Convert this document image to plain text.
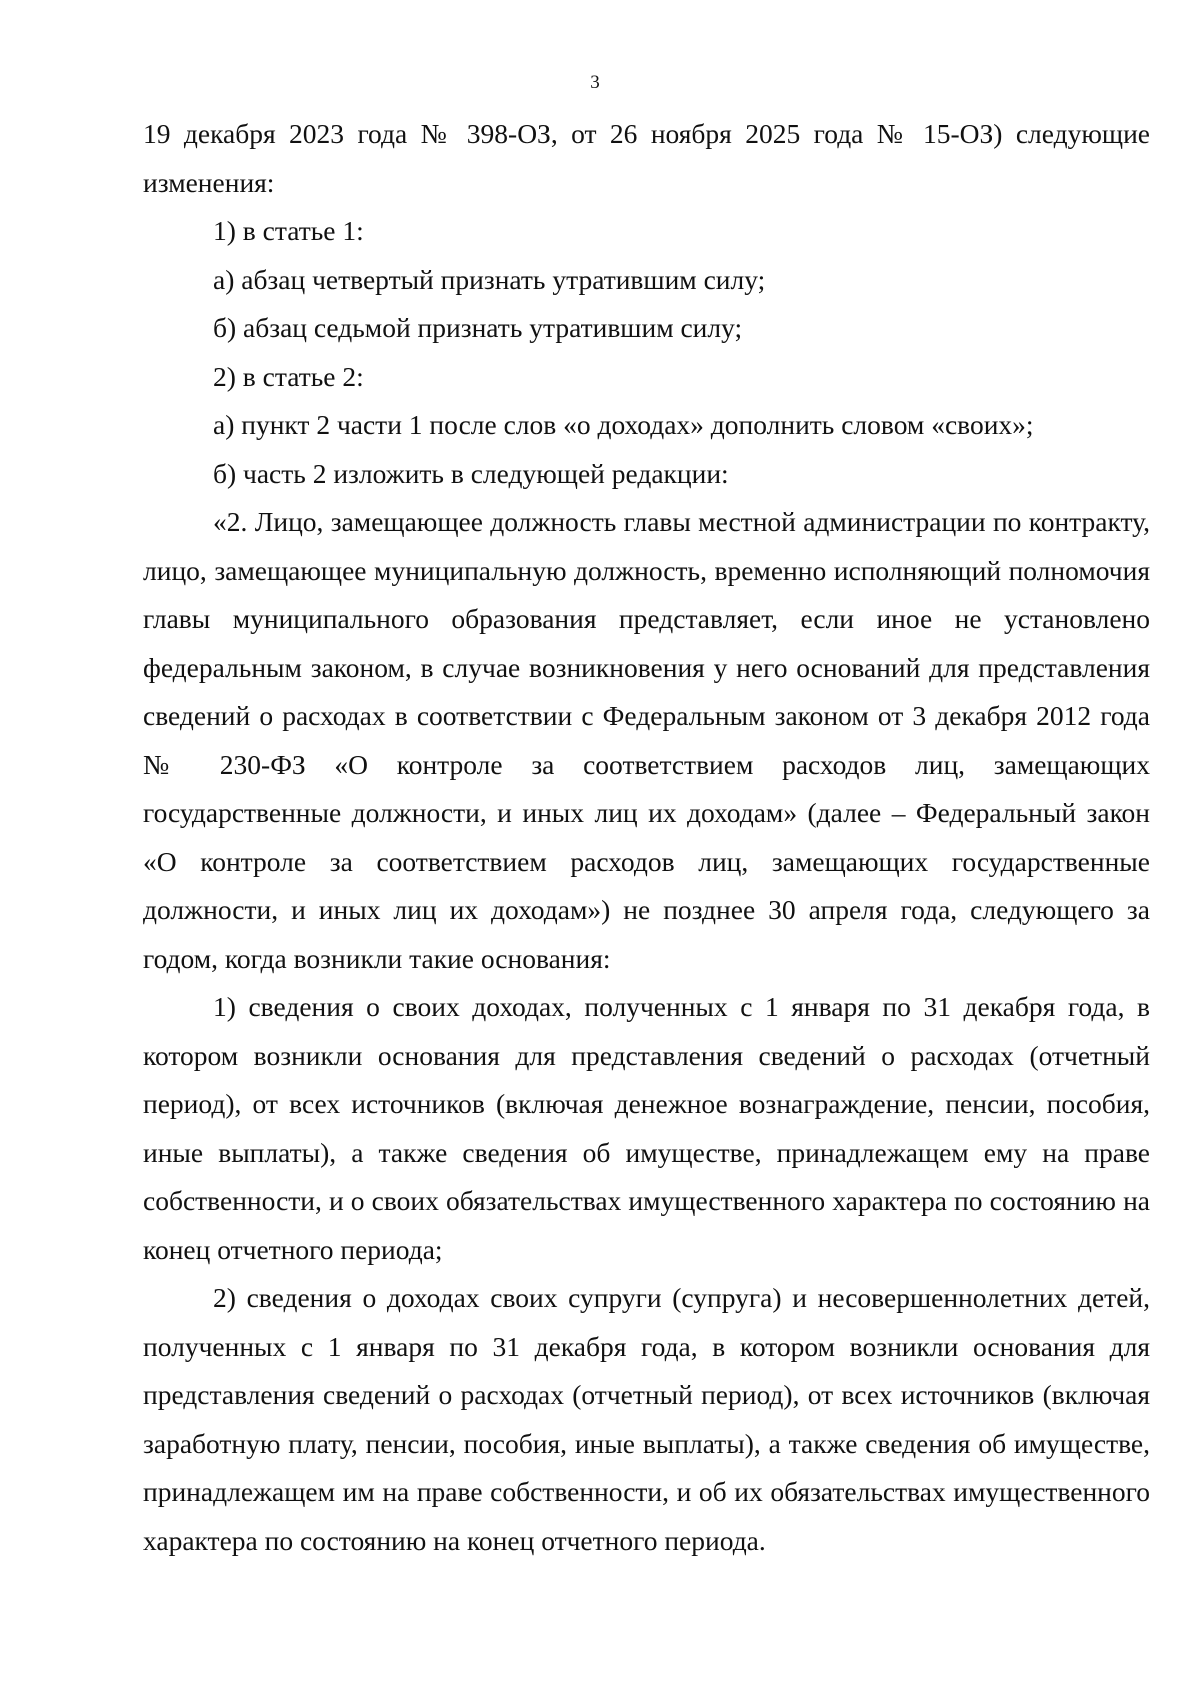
3

19 декабря 2023 года № 398-ОЗ, от 26 ноября 2025 года № 15-ОЗ) следующие изменения:

1) в статье 1:

а) абзац четвертый признать утратившим силу;

б) абзац седьмой признать утратившим силу;

2) в статье 2:

а) пункт 2 части 1 после слов «о доходах» дополнить словом «своих»;

б) часть 2 изложить в следующей редакции:

«2. Лицо, замещающее должность главы местной администрации по контракту, лицо, замещающее муниципальную должность, временно исполняющий полномочия главы муниципального образования представляет, если иное не установлено федеральным законом, в случае возникновения у него оснований для представления сведений о расходах в соответствии с Федеральным законом от 3 декабря 2012 года № 230-ФЗ «О контроле за соответствием расходов лиц, замещающих государственные должности, и иных лиц их доходам» (далее – Федеральный закон «О контроле за соответствием расходов лиц, замещающих государственные должности, и иных лиц их доходам») не позднее 30 апреля года, следующего за годом, когда возникли такие основания:

1) сведения о своих доходах, полученных с 1 января по 31 декабря года, в котором возникли основания для представления сведений о расходах (отчетный период), от всех источников (включая денежное вознаграждение, пенсии, пособия, иные выплаты), а также сведения об имуществе, принадлежащем ему на праве собственности, и о своих обязательствах имущественного характера по состоянию на конец отчетного периода;

2) сведения о доходах своих супруги (супруга) и несовершеннолетних детей, полученных с 1 января по 31 декабря года, в котором возникли основания для представления сведений о расходах (отчетный период), от всех источников (включая заработную плату, пенсии, пособия, иные выплаты), а также сведения об имуществе, принадлежащем им на праве собственности, и об их обязательствах имущественного характера по состоянию на конец отчетного периода.
